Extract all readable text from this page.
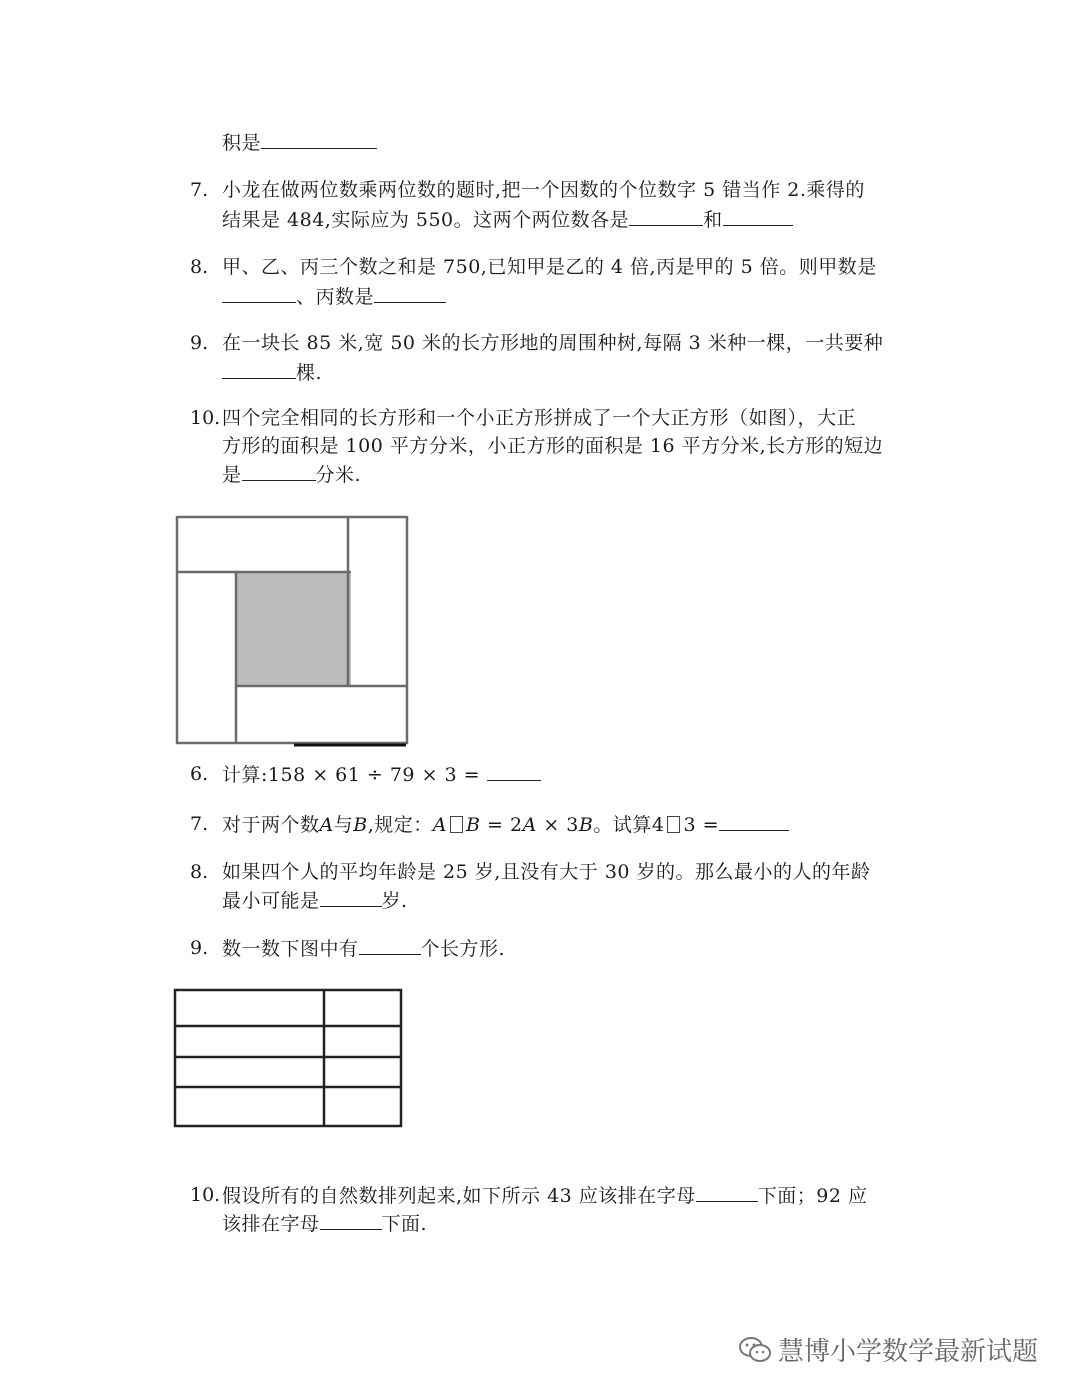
积是
7. 小龙在做两位数乘两位数的题时,把一个因数的个位数字 5 错当作 2.乘得的
结果是 484,实际应为 550。这两个两位数各是	和
8. 甲、乙、丙三个数之和是 750,已知甲是乙的 4 倍,丙是甲的 5 倍。则甲数是
、丙数是
9. 在一块长 85 米,宽 50 米的长方形地的周围种树,每隔 3 米种一棵，一共要种
棵.
10. 四个完全相同的长方形和一个小正方形拼成了一个大正方形（如图），大正
方形的面积是 100 平方分米，小正方形的面积是 16 平方分米,长方形的短边
是	分米.
6. 计算:158 × 61 ÷ 79 × 3 =
7. 对于两个数A与B,规定：A B = 2A × 3B。试算4 3 =
8. 如果四个人的平均年龄是 25 岁,且没有大于 30 岁的。那么最小的人的年龄
最小可能是	岁.
9. 数一数下图中有	个长方形.
10. 假设所有的自然数排列起来,如下所示 43 应该排在字母	下面；92 应
该排在字母	下面.
慧博小学数学最新试题
